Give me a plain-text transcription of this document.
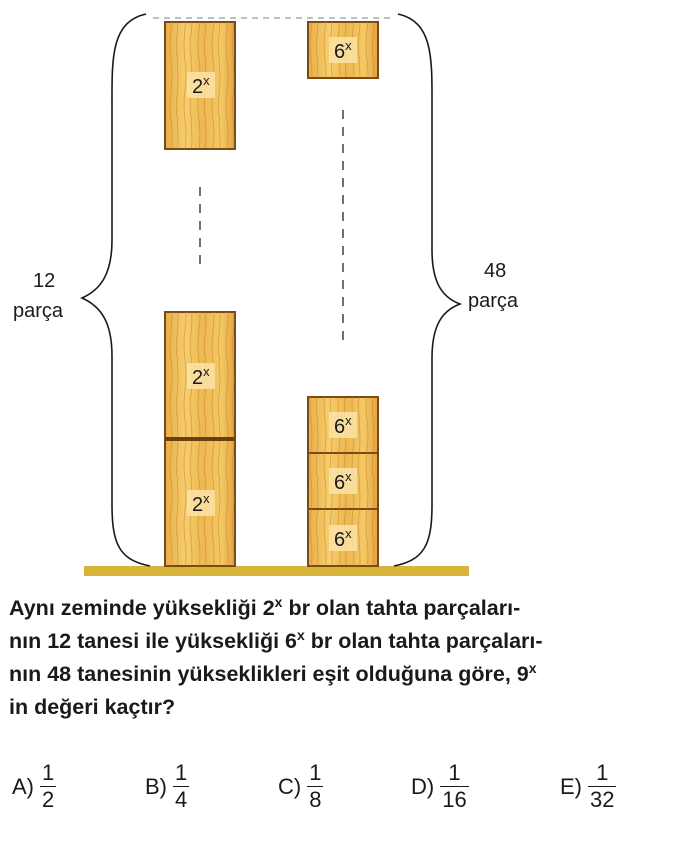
2$^x$
2$^x$
2$^x$
6$^x$
6$^x$
6$^x$
6$^x$
12
parça
48
parça
Aynı zeminde yüksekliği 2$^x$ br olan tahta parçaları-
nın 12 tanesi ile yüksekliği 6$^x$ br olan tahta parçaları-
nın 48 tanesinin yükseklikleri eşit olduğuna göre, 9$^x$
in değeri kaçtır?
$A) \frac{1}{2}$	$B) \frac{1}{4}$	$C) \frac{1}{8}$	$D) \frac{1}{16}$	$E) \frac{1}{32}$
